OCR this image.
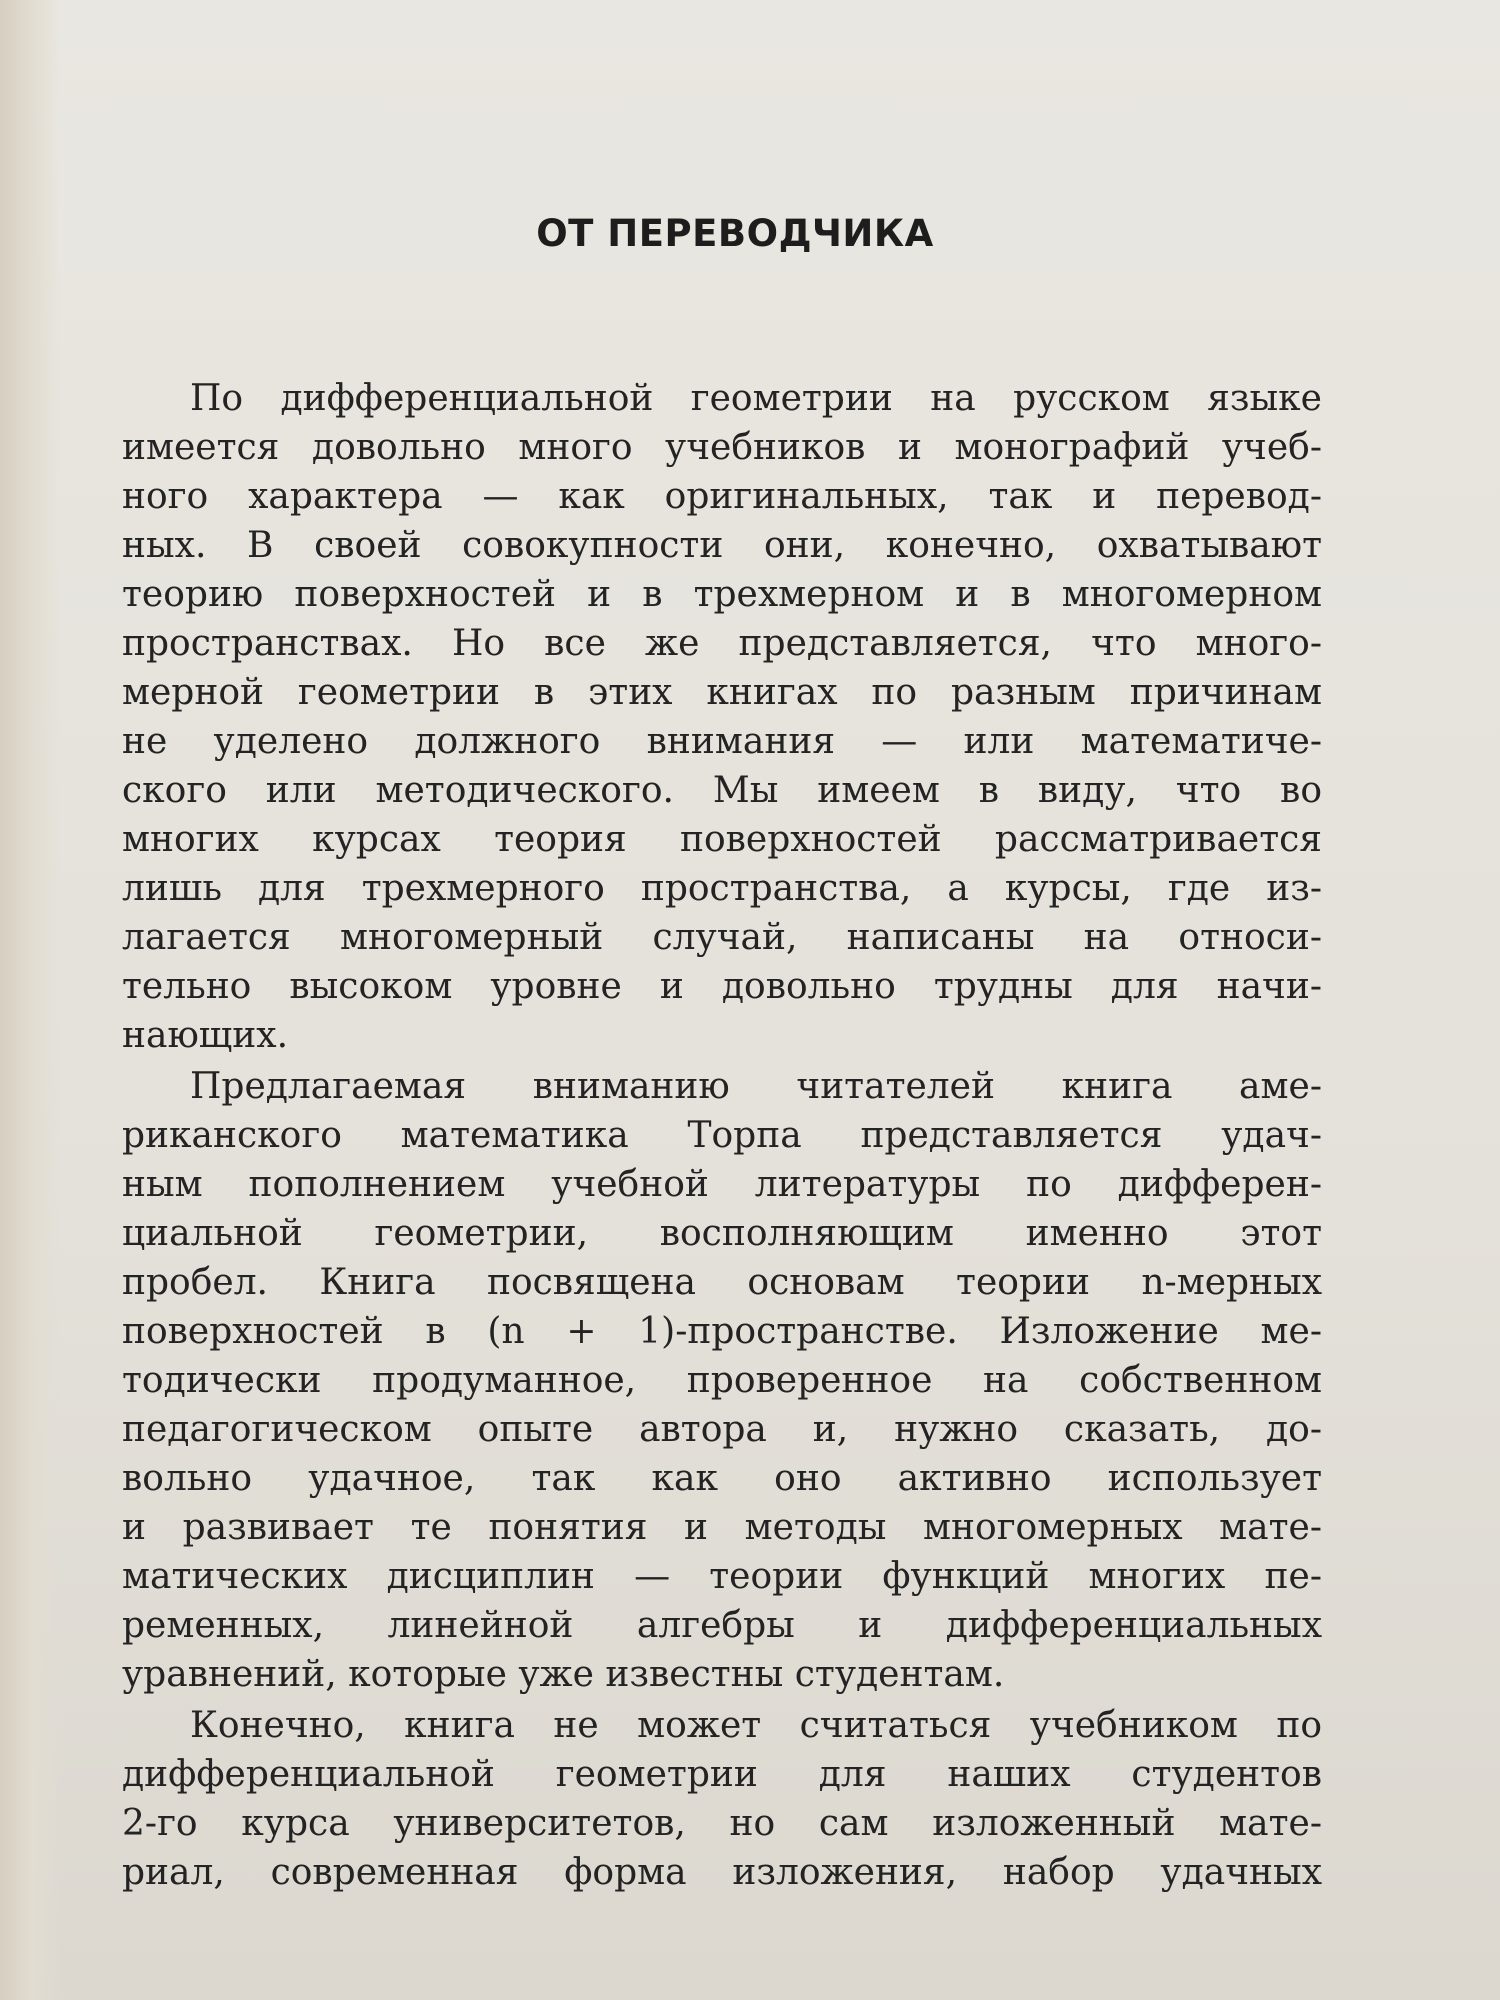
ОТ ПЕРЕВОДЧИКА
По дифференциальной геометрии на русском языке
имеется довольно много учебников и монографий учеб-
ного характера — как оригинальных, так и перевод-
ных. В своей совокупности они, конечно, охватывают
теорию поверхностей и в трехмерном и в многомерном
пространствах. Но все же представляется, что много-
мерной геометрии в этих книгах по разным причинам
не уделено должного внимания — или математиче-
ского или методического. Мы имеем в виду, что во
многих курсах теория поверхностей рассматривается
лишь для трехмерного пространства, а курсы, где из-
лагается многомерный случай, написаны на относи-
тельно высоком уровне и довольно трудны для начи-
нающих.
Предлагаемая вниманию читателей книга аме-
риканского математика Торпа представляется удач-
ным пополнением учебной литературы по дифферен-
циальной геометрии, восполняющим именно этот
пробел. Книга посвящена основам теории n-мерных
поверхностей в (n + 1)-пространстве. Изложение ме-
тодически продуманное, проверенное на собственном
педагогическом опыте автора и, нужно сказать, до-
вольно удачное, так как оно активно использует
и развивает те понятия и методы многомерных мате-
матических дисциплин — теории функций многих пе-
ременных, линейной алгебры и дифференциальных
уравнений, которые уже известны студентам.
Конечно, книга не может считаться учебником по
дифференциальной геометрии для наших студентов
2-го курса университетов, но сам изложенный мате-
риал, современная форма изложения, набор удачных
